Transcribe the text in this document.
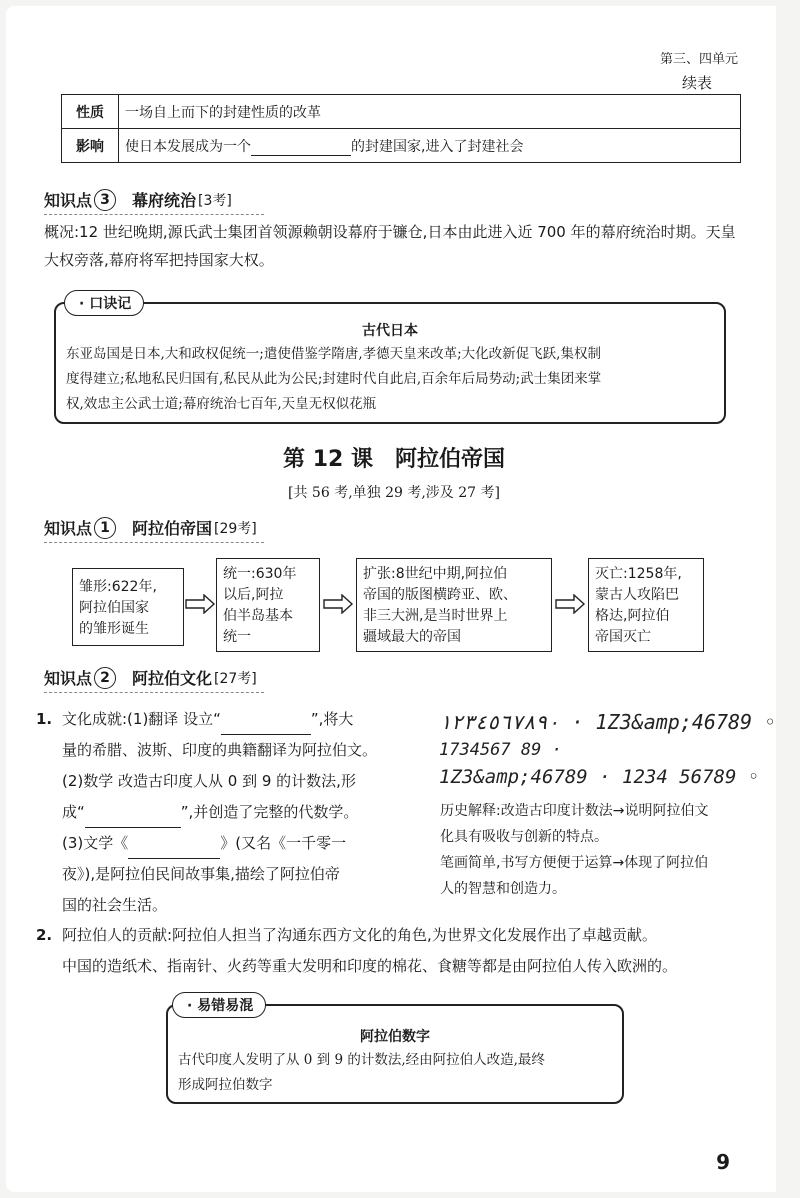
第三、四单元
续表
性质	一场自上而下的封建性质的改革
影响	使日本发展成为一个 的封建国家,进入了封建社会
知识点 3	幕府统治 [3考]
概况:12 世纪晚期,源氏武士集团首领源赖朝设幕府于镰仓,日本由此进入近 700 年的幕府统治时期。天皇大权旁落,幕府将军把持国家大权。
古代日本
东亚岛国是日本,大和政权促统一;遣使借鉴学隋唐,孝德天皇来改革;大化改新促飞跃,集权制
度得建立;私地私民归国有,私民从此为公民;封建时代自此启,百余年后局势动;武士集团来掌
权,效忠主公武士道;幕府统治七百年,天皇无权似花瓶
· 口诀记
第 12 课　阿拉伯帝国
[共 56 考,单独 29 考,涉及 27 考]
知识点 1	阿拉伯帝国 [29考]
雏形:622年,
阿拉伯国家
的雏形诞生
统一:630年
以后,阿拉
伯半岛基本
统一
扩张:8世纪中期,阿拉伯
帝国的版图横跨亚、欧、
非三大洲,是当时世界上
疆域最大的帝国
灭亡:1258年,
蒙古人攻陷巴
格达,阿拉伯
帝国灭亡
知识点 2	阿拉伯文化 [27考]
1. 文化成就:(1)翻译 设立“	”,将大
量的希腊、波斯、印度的典籍翻译为阿拉伯文。
(2)数学 改造古印度人从 0 到 9 的计数法,形
成“	”,并创造了完整的代数学。
(3)文学《	》(又名《一千零一
夜》),是阿拉伯民间故事集,描绘了阿拉伯帝
国的社会生活。
١٢٣٤٥٦٧٨٩٠ · 1Z3&amp;46789 ◦
1734567 89 ·
1Z3&amp;46789 · 1234 56789 ◦
历史解释:改造古印度计数法→说明阿拉伯文
化具有吸收与创新的特点。
笔画简单,书写方便便于运算→体现了阿拉伯
人的智慧和创造力。
2. 阿拉伯人的贡献:阿拉伯人担当了沟通东西方文化的角色,为世界文化发展作出了卓越贡献。
中国的造纸术、指南针、火药等重大发明和印度的棉花、食糖等都是由阿拉伯人传入欧洲的。
阿拉伯数字
古代印度人发明了从 0 到 9 的计数法,经由阿拉伯人改造,最终
形成阿拉伯数字
· 易错易混
9
